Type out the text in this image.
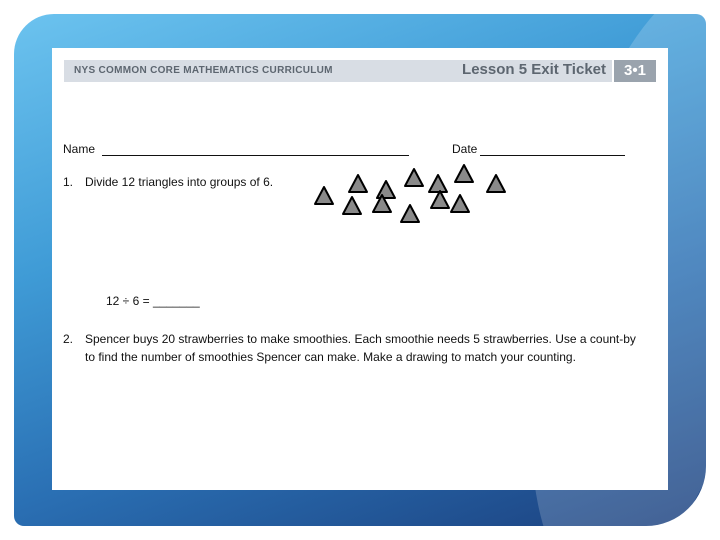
NYS COMMON CORE MATHEMATICS CURRICULUM	Lesson 5 Exit Ticket	3•1
Name	Date
1. Divide 12 triangles into groups of 6.
12 ÷ 6 = _______
2. Spencer buys 20 strawberries to make smoothies. Each smoothie needs 5 strawberries. Use a count-by
to find the number of smoothies Spencer can make. Make a drawing to match your counting.
